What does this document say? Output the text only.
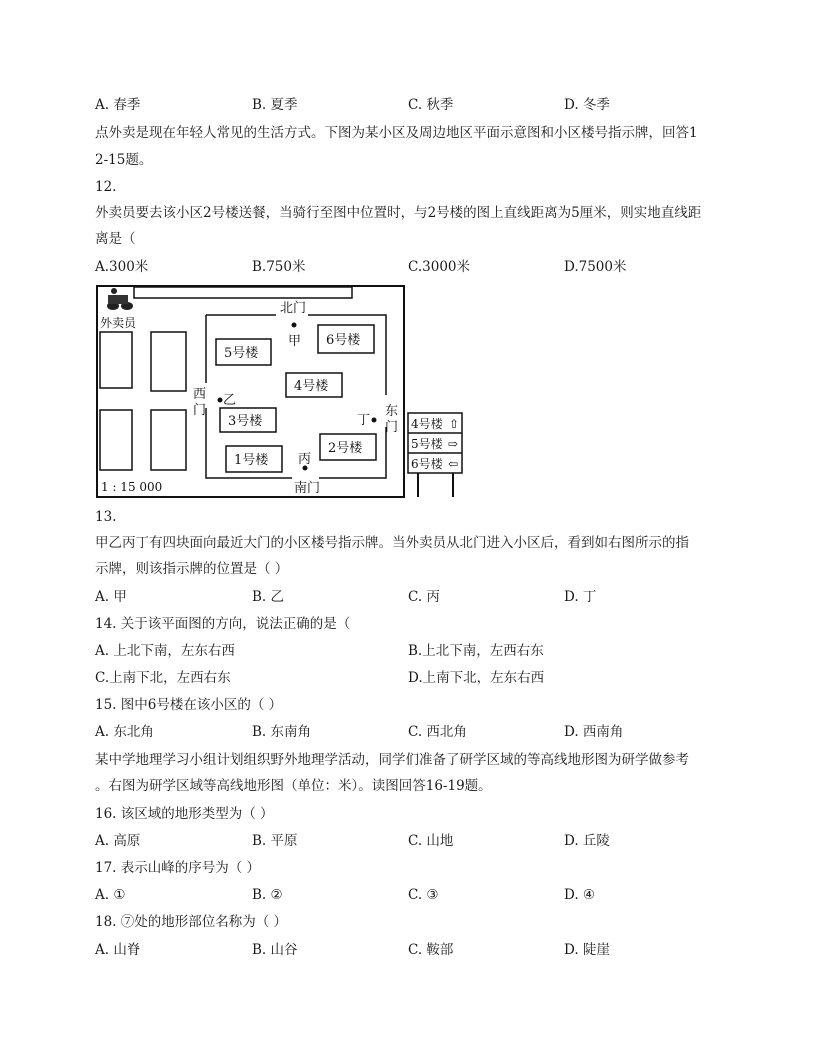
A. 春季	B. 夏季	C. 秋季	D. 冬季
点外卖是现在年轻人常见的生活方式。下图为某小区及周边地区平面示意图和小区楼号指示牌，回答1
2-15题。
12.
外卖员要去该小区2号楼送餐，当骑行至图中位置时，与2号楼的图上直线距离为5厘米，则实地直线距
离是（
A.300米	B.750米	C.3000米	D.7500米
外卖员
北门
南门
西
门	东
门
5号楼
6号楼
4号楼
3号楼
2号楼
1号楼
甲
乙
丙
丁
1 : 15 000
4号楼 ⇧
5号楼 ⇨
6号楼 ⇦
13.
甲乙丙丁有四块面向最近大门的小区楼号指示牌。当外卖员从北门进入小区后，看到如右图所示的指
示牌，则该指示牌的位置是（ ）
A. 甲	B. 乙	C. 丙	D. 丁
14. 关于该平面图的方向，说法正确的是（
A. 上北下南，左东右西	B.上北下南，左西右东
C.上南下北，左西右东	D.上南下北，左东右西
15. 图中6号楼在该小区的（ ）
A. 东北角	B. 东南角	C. 西北角	D. 西南角
某中学地理学习小组计划组织野外地理学活动，同学们准备了研学区域的等高线地形图为研学做参考
。右图为研学区域等高线地形图（单位：米）。读图回答16-19题。
16. 该区域的地形类型为（ ）
A. 高原	B. 平原	C. 山地	D. 丘陵
17. 表示山峰的序号为（ ）
A. ①	B. ②	C. ③	D. ④
18. ⑦处的地形部位名称为（ ）
A. 山脊	B. 山谷	C. 鞍部	D. 陡崖
